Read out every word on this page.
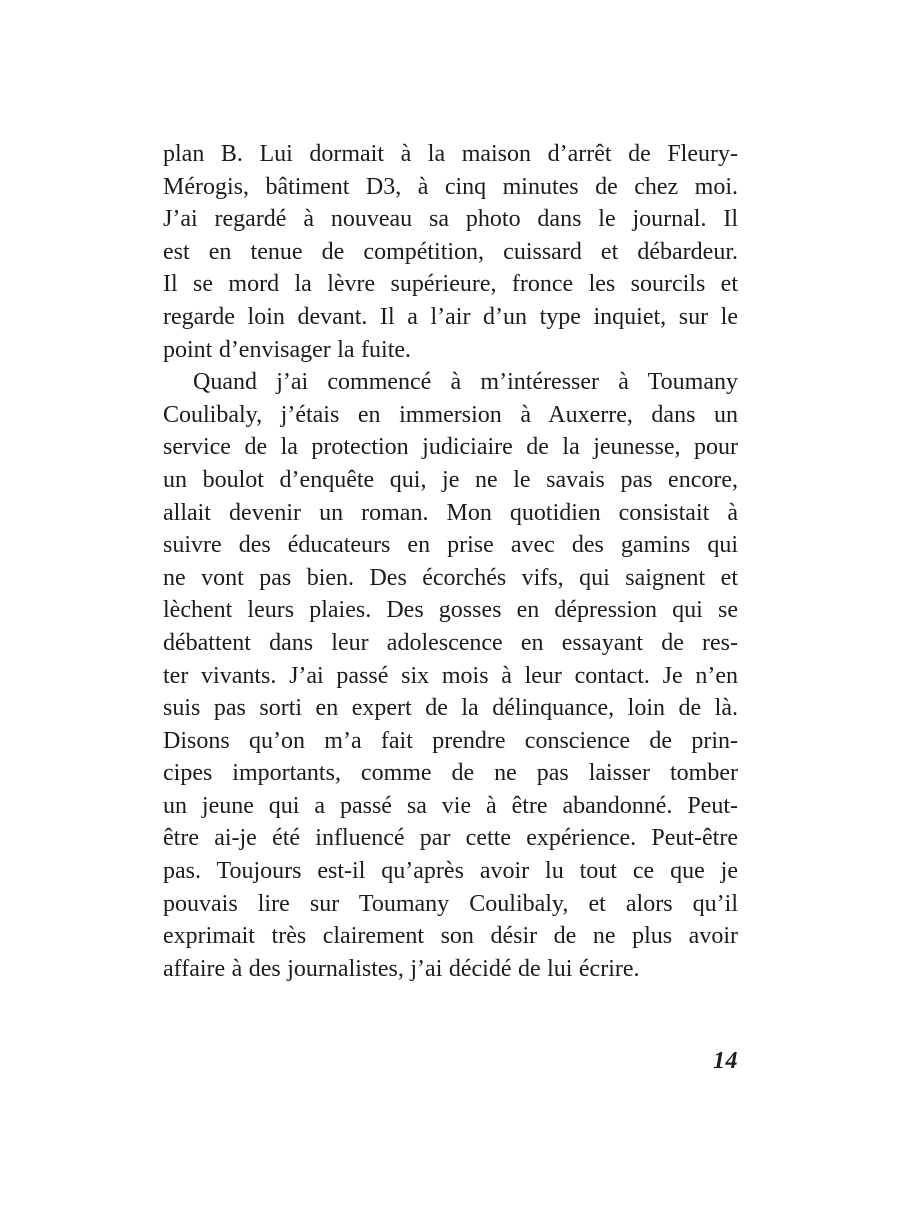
plan B. Lui dormait à la maison d’arrêt de Fleury-
Mérogis, bâtiment D3, à cinq minutes de chez moi.
J’ai regardé à nouveau sa photo dans le journal. Il
est en tenue de compétition, cuissard et débardeur.
Il se mord la lèvre supérieure, fronce les sourcils et
regarde loin devant. Il a l’air d’un type inquiet, sur le
point d’envisager la fuite.
Quand j’ai commencé à m’intéresser à Toumany
Coulibaly, j’étais en immersion à Auxerre, dans un
service de la protection judiciaire de la jeunesse, pour
un boulot d’enquête qui, je ne le savais pas encore,
allait devenir un roman. Mon quotidien consistait à
suivre des éducateurs en prise avec des gamins qui
ne vont pas bien. Des écorchés vifs, qui saignent et
lèchent leurs plaies. Des gosses en dépression qui se
débattent dans leur adolescence en essayant de res-
ter vivants. J’ai passé six mois à leur contact. Je n’en
suis pas sorti en expert de la délinquance, loin de là.
Disons qu’on m’a fait prendre conscience de prin-
cipes importants, comme de ne pas laisser tomber
un jeune qui a passé sa vie à être abandonné. Peut-
être ai-je été influencé par cette expérience. Peut-être
pas. Toujours est-il qu’après avoir lu tout ce que je
pouvais lire sur Toumany Coulibaly, et alors qu’il
exprimait très clairement son désir de ne plus avoir
affaire à des journalistes, j’ai décidé de lui écrire.
14
